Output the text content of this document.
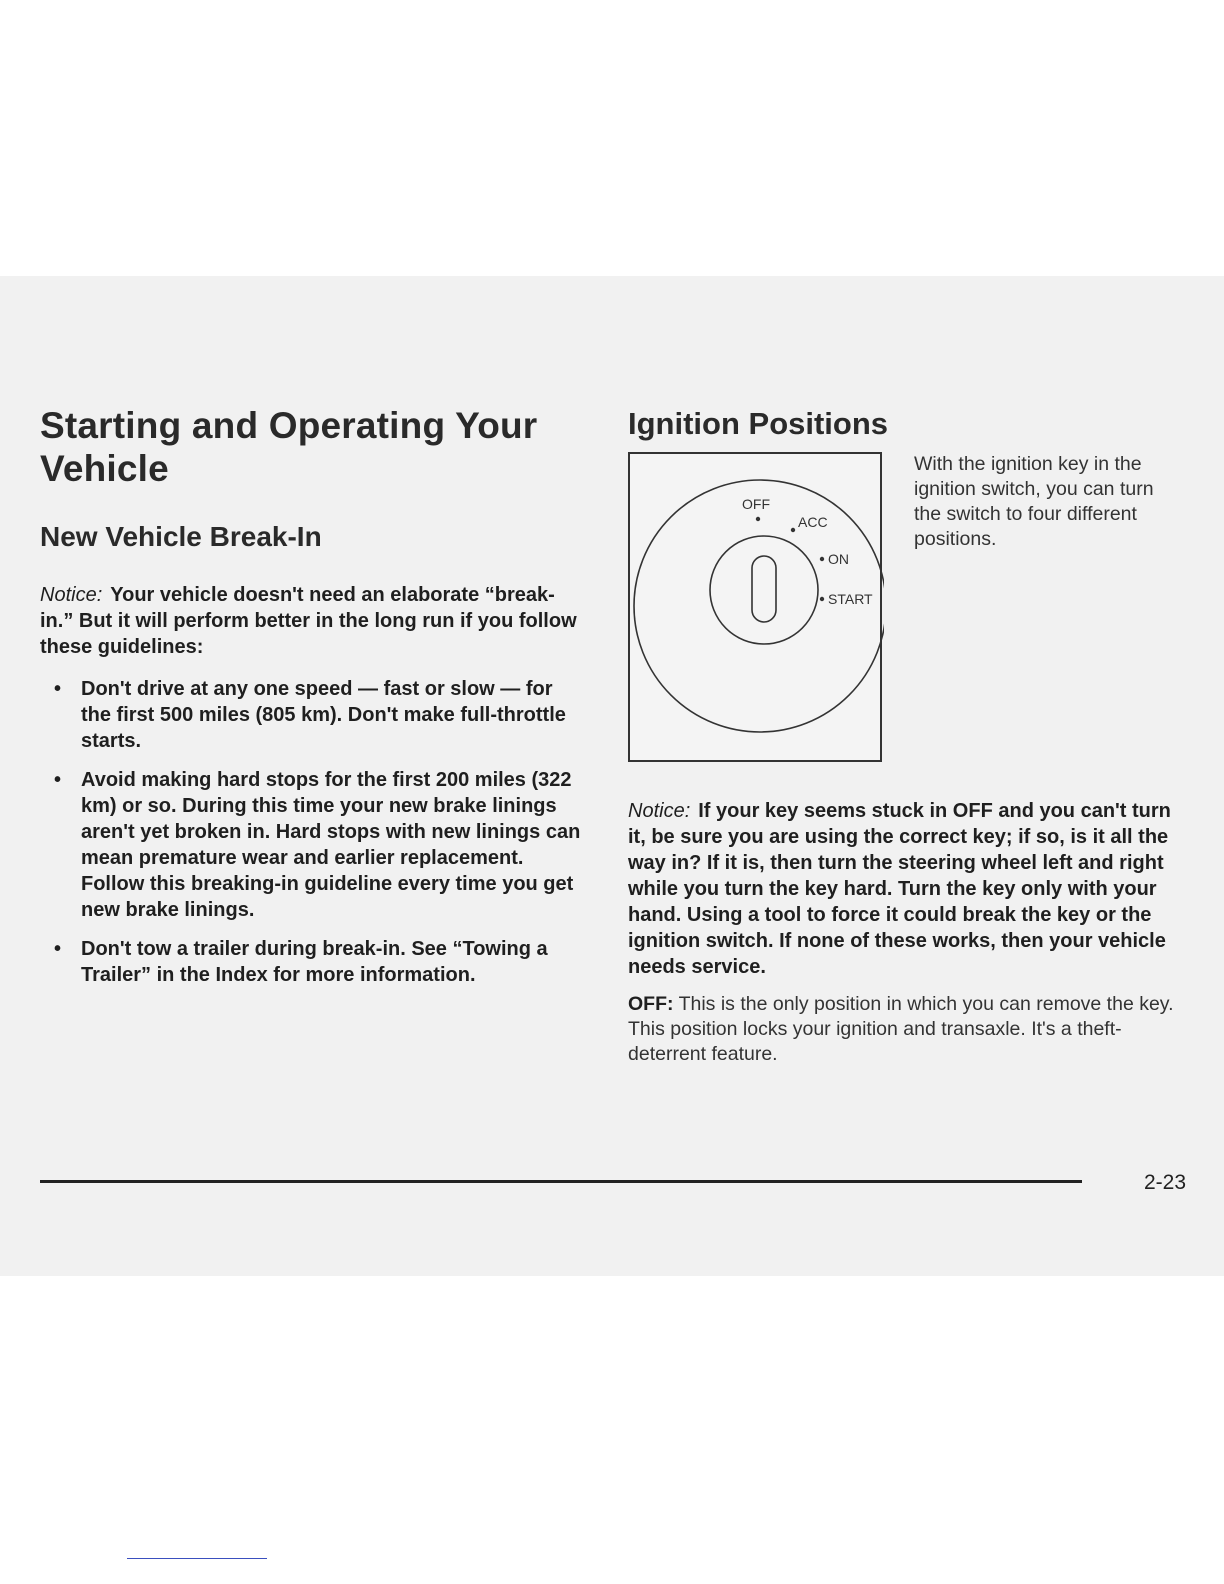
Starting and Operating Your Vehicle
New Vehicle Break-In

Notice: Your vehicle doesn't need an elaborate “break-in.” But it will perform better in the long run if you follow these guidelines:

• Don't drive at any one speed — fast or slow — for the first 500 miles (805 km). Don't make full-throttle starts.
• Avoid making hard stops for the first 200 miles (322 km) or so. During this time your new brake linings aren't yet broken in. Hard stops with new linings can mean premature wear and earlier replacement. Follow this breaking-in guideline every time you get new brake linings.
• Don't tow a trailer during break-in. See “Towing a Trailer” in the Index for more information.
Ignition Positions
OFF
ACC
ON
START
With the ignition key in the ignition switch, you can turn the switch to four different positions.

Notice: If your key seems stuck in OFF and you can't turn it, be sure you are using the correct key; if so, is it all the way in? If it is, then turn the steering wheel left and right while you turn the key hard. Turn the key only with your hand. Using a tool to force it could break the key or the ignition switch. If none of these works, then your vehicle needs service.

OFF: This is the only position in which you can remove the key. This position locks your ignition and transaxle. It's a theft-deterrent feature.

2-23
